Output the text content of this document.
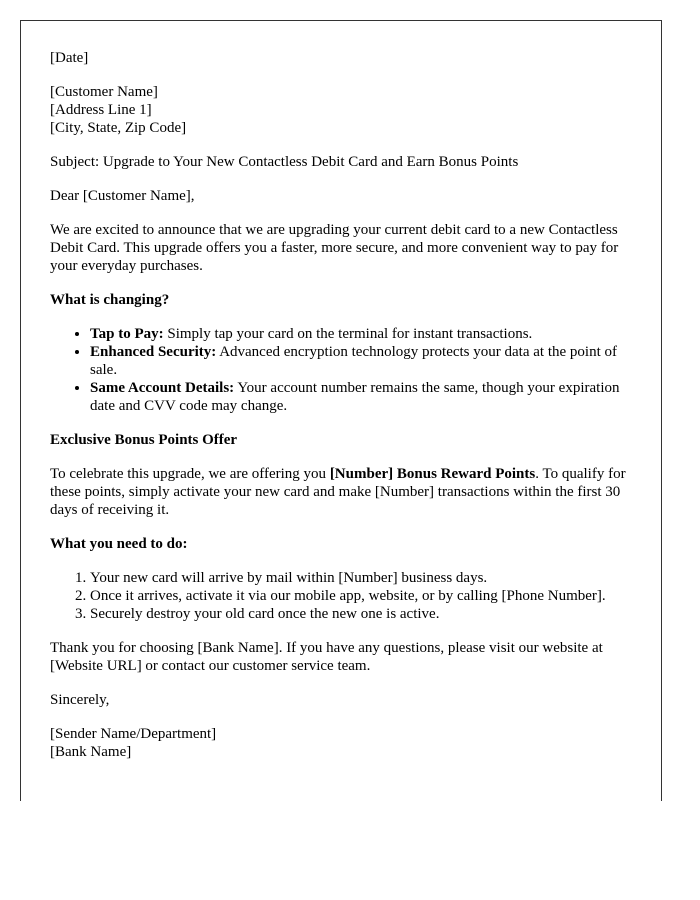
[Date]

[Customer Name]
[Address Line 1]
[City, State, Zip Code]

Subject: Upgrade to Your New Contactless Debit Card and Earn Bonus Points

Dear [Customer Name],

We are excited to announce that we are upgrading your current debit card to a new Contactless Debit Card. This upgrade offers you a faster, more secure, and more convenient way to pay for your everyday purchases.

What is changing?

• Tap to Pay: Simply tap your card on the terminal for instant transactions.
• Enhanced Security: Advanced encryption technology protects your data at the point of sale.
• Same Account Details: Your account number remains the same, though your expiration date and CVV code may change.

Exclusive Bonus Points Offer

To celebrate this upgrade, we are offering you [Number] Bonus Reward Points. To qualify for these points, simply activate your new card and make [Number] transactions within the first 30 days of receiving it.

What you need to do:

1. Your new card will arrive by mail within [Number] business days.
2. Once it arrives, activate it via our mobile app, website, or by calling [Phone Number].
3. Securely destroy your old card once the new one is active.

Thank you for choosing [Bank Name]. If you have any questions, please visit our website at [Website URL] or contact our customer service team.

Sincerely,

[Sender Name/Department]
[Bank Name]
